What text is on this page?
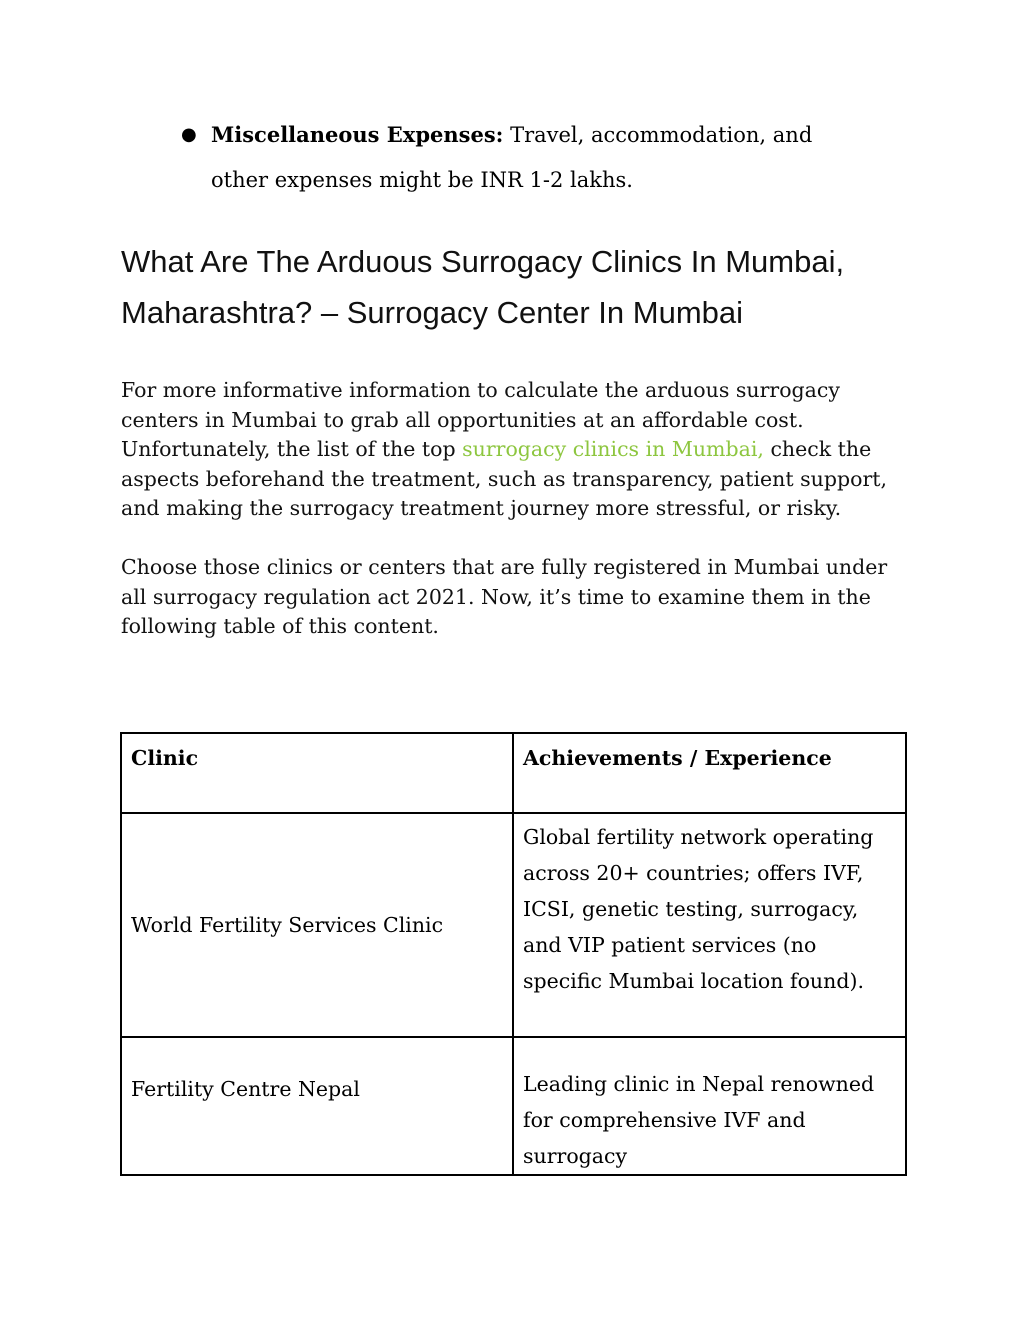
● Miscellaneous Expenses: Travel, accommodation, and other expenses might be INR 1-2 lakhs.
What Are The Arduous Surrogacy Clinics In Mumbai, Maharashtra? – Surrogacy Center In Mumbai

For more informative information to calculate the arduous surrogacy centers in Mumbai to grab all opportunities at an affordable cost. Unfortunately, the list of the top surrogacy clinics in Mumbai, check the aspects beforehand the treatment, such as transparency, patient support, and making the surrogacy treatment journey more stressful, or risky.

Choose those clinics or centers that are fully registered in Mumbai under all surrogacy regulation act 2021. Now, it’s time to examine them in the following table of this content.

Clinic	Achievements / Experience
World Fertility Services Clinic	Global fertility network operating across 20+ countries; offers IVF, ICSI, genetic testing, surrogacy, and VIP patient services (no specific Mumbai location found).
Fertility Centre Nepal	Leading clinic in Nepal renowned for comprehensive IVF and surrogacy
